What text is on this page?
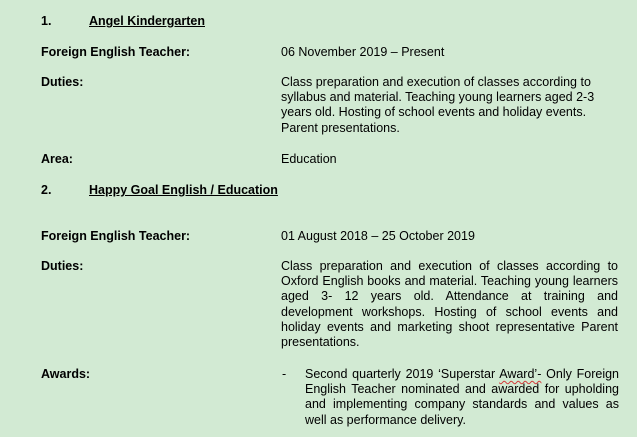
1.	Angel Kindergarten
Foreign English Teacher:	06 November 2019 – Present
Duties:	Class preparation and execution of classes according to syllabus and material. Teaching young learners aged 2-3 years old. Hosting of school events and holiday events. Parent presentations.
Area:	Education
2.	Happy Goal English / Education
Foreign English Teacher:	01 August 2018 – 25 October 2019
Duties:	Class preparation and execution of classes according to Oxford English books and material. Teaching young learners aged 3- 12 years old. Attendance at training and development workshops. Hosting of school events and holiday events and marketing shoot representative Parent presentations.
Awards:	- Second quarterly 2019 ‘Superstar Award’- Only Foreign English Teacher nominated and awarded for upholding and implementing company standards and values as well as performance delivery.
